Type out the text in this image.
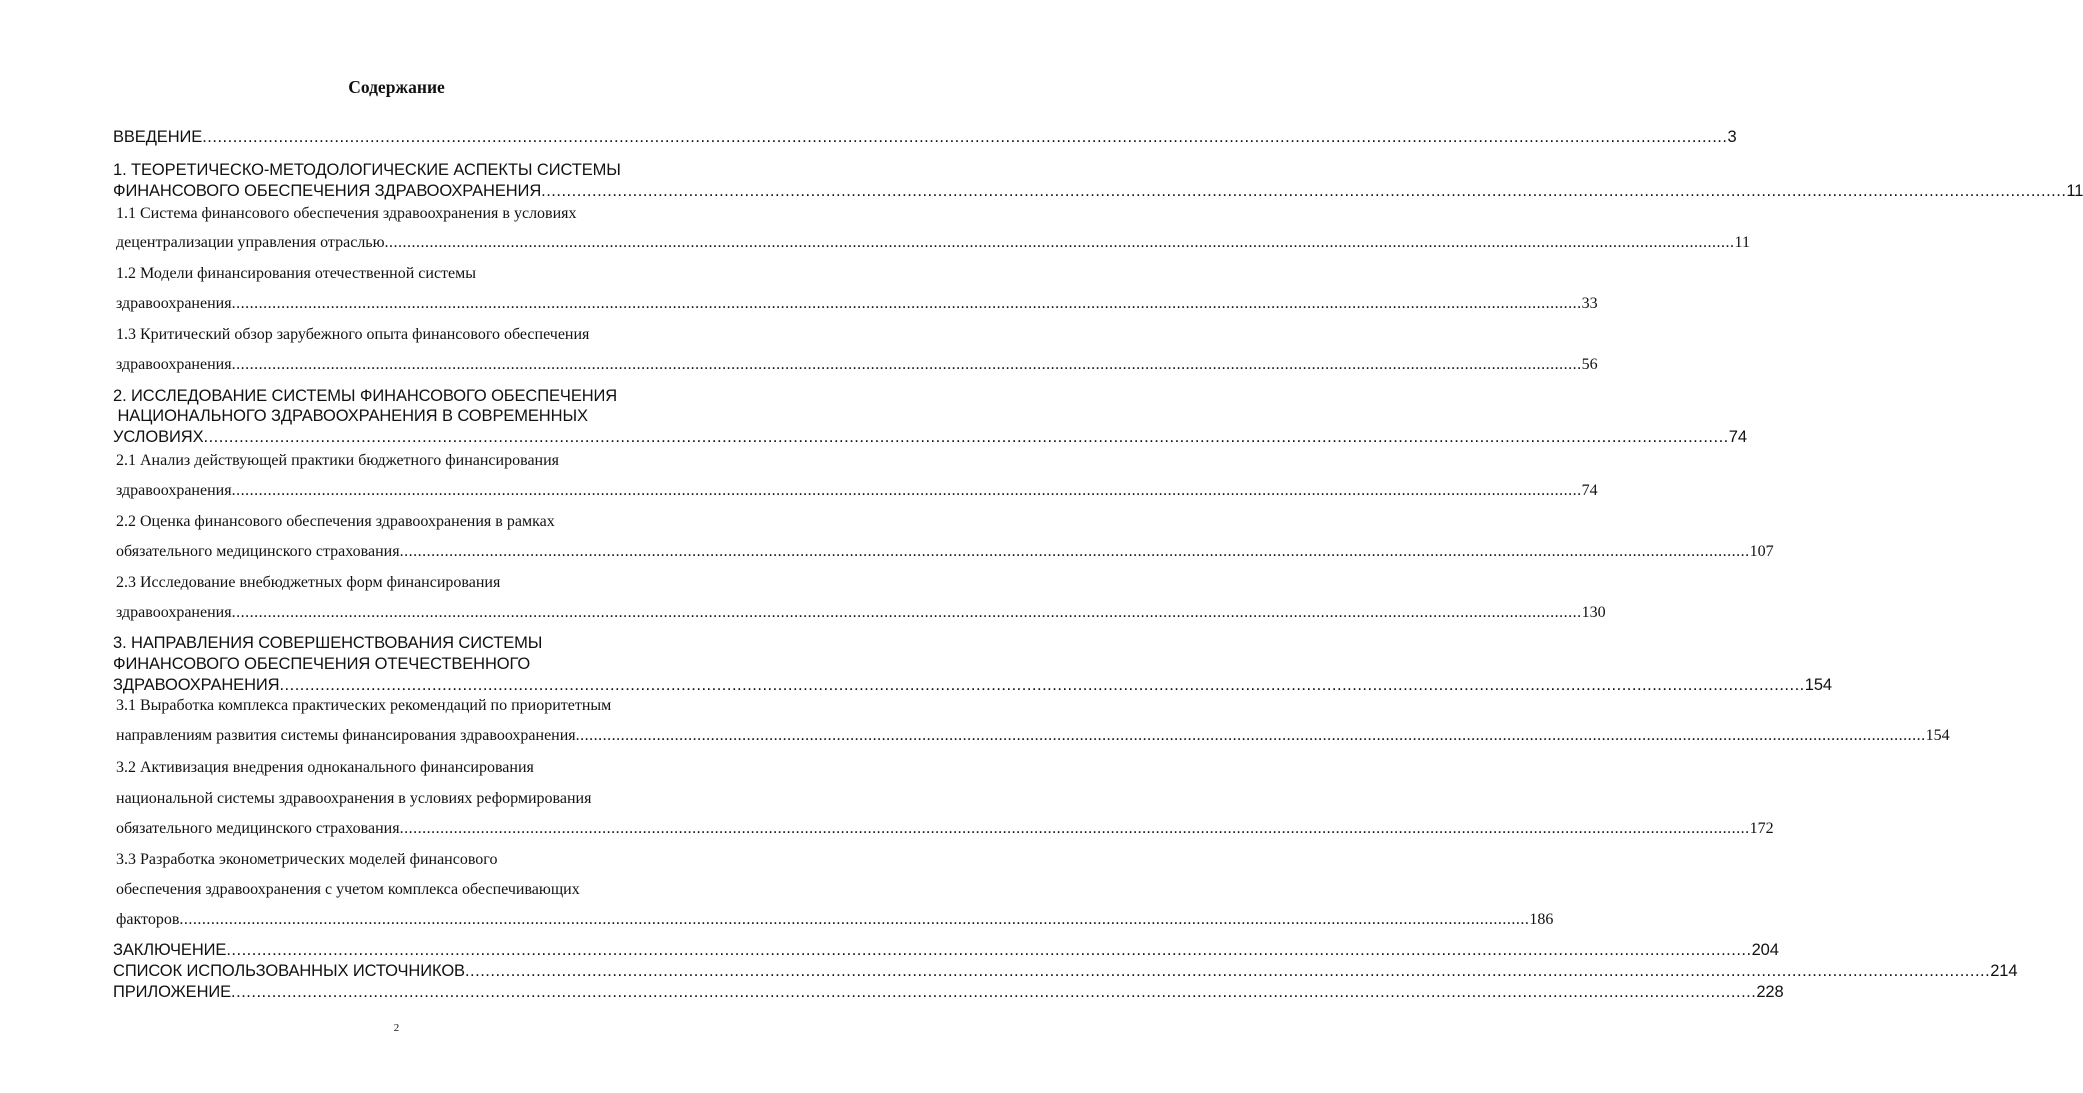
Содержание
ВВЕДЕНИЕ ............................................................................................................................................................................................................................................................................................................ 3
1. ТЕОРЕТИЧЕСКО-МЕТОДОЛОГИЧЕСКИЕ АСПЕКТЫ СИСТЕМЫ
ФИНАНСОВОГО ОБЕСПЕЧЕНИЯ ЗДРАВООХРАНЕНИЯ ............................................................................................................................................................................................................................................................................................................ 11
1.1 Система финансового обеспечения здравоохранения в условиях
децентрализации управления отраслью ............................................................................................................................................................................................................................................................................................................ 11
1.2 Модели финансирования отечественной системы
здравоохранения ............................................................................................................................................................................................................................................................................................................ 33
1.3 Критический обзор зарубежного опыта финансового обеспечения
здравоохранения ............................................................................................................................................................................................................................................................................................................ 56
2. ИССЛЕДОВАНИЕ СИСТЕМЫ ФИНАНСОВОГО ОБЕСПЕЧЕНИЯ
НАЦИОНАЛЬНОГО ЗДРАВООХРАНЕНИЯ В СОВРЕМЕННЫХ
УСЛОВИЯХ ............................................................................................................................................................................................................................................................................................................ 74
2.1 Анализ действующей практики бюджетного финансирования
здравоохранения ............................................................................................................................................................................................................................................................................................................ 74
2.2 Оценка финансового обеспечения здравоохранения в рамках
обязательного медицинского страхования ............................................................................................................................................................................................................................................................................................................ 107
2.3 Исследование внебюджетных форм финансирования
здравоохранения ............................................................................................................................................................................................................................................................................................................ 130
3. НАПРАВЛЕНИЯ СОВЕРШЕНСТВОВАНИЯ СИСТЕМЫ
ФИНАНСОВОГО ОБЕСПЕЧЕНИЯ ОТЕЧЕСТВЕННОГО
ЗДРАВООХРАНЕНИЯ ............................................................................................................................................................................................................................................................................................................ 154
3.1 Выработка комплекса практических рекомендаций по приоритетным
направлениям развития системы финансирования здравоохранения ............................................................................................................................................................................................................................................................................................................ 154
3.2 Активизация внедрения одноканального финансирования
национальной системы здравоохранения в условиях реформирования
обязательного медицинского страхования ............................................................................................................................................................................................................................................................................................................ 172
3.3 Разработка эконометрических моделей финансового
обеспечения здравоохранения с учетом комплекса обеспечивающих
факторов ............................................................................................................................................................................................................................................................................................................ 186
ЗАКЛЮЧЕНИЕ ............................................................................................................................................................................................................................................................................................................ 204
СПИСОК ИСПОЛЬЗОВАННЫХ ИСТОЧНИКОВ ............................................................................................................................................................................................................................................................................................................ 214
ПРИЛОЖЕНИЕ ............................................................................................................................................................................................................................................................................................................ 228
2
